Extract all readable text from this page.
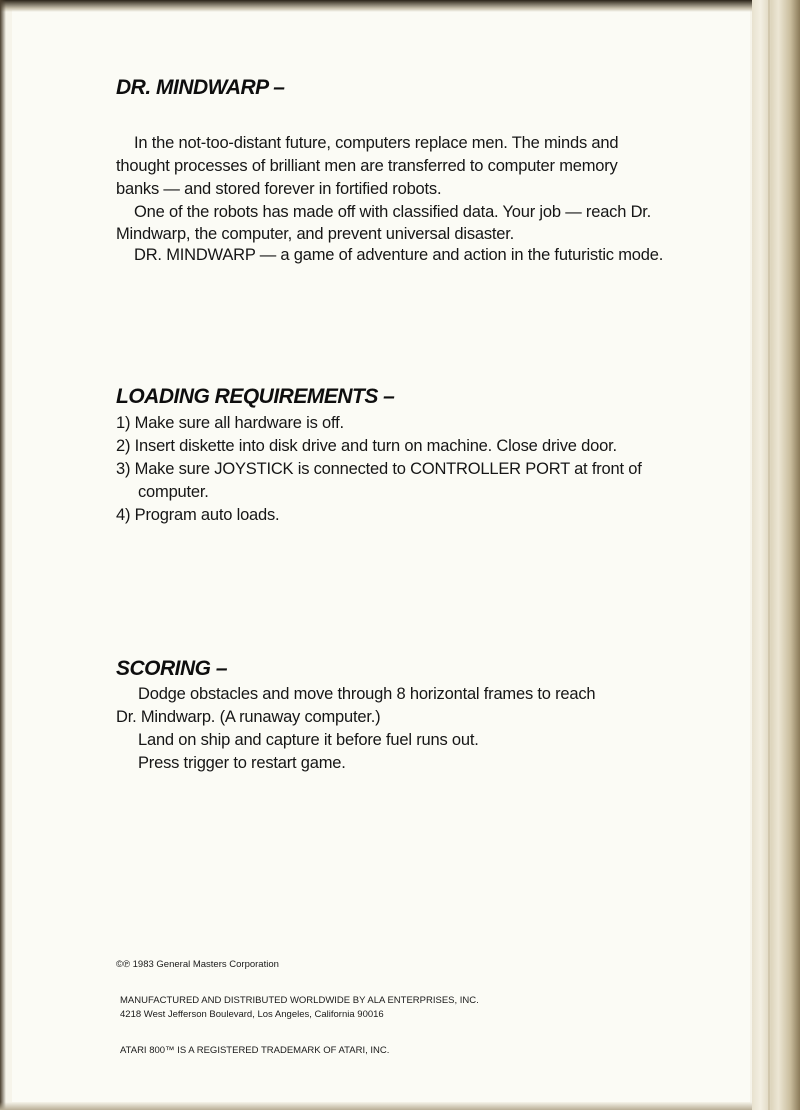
DR. MINDWARP –
In the not-too-distant future, computers replace men. The minds and
thought processes of brilliant men are transferred to computer memory
banks — and stored forever in fortified robots.
One of the robots has made off with classified data. Your job — reach Dr.
Mindwarp, the computer, and prevent universal disaster.
DR. MINDWARP — a game of adventure and action in the futuristic mode.
LOADING REQUIREMENTS –
1) Make sure all hardware is off.
2) Insert diskette into disk drive and turn on machine. Close drive door.
3) Make sure JOYSTICK is connected to CONTROLLER PORT at front of
computer.
4) Program auto loads.
SCORING –
Dodge obstacles and move through 8 horizontal frames to reach
Dr. Mindwarp. (A runaway computer.)
Land on ship and capture it before fuel runs out.
Press trigger to restart game.
©℗ 1983 General Masters Corporation
MANUFACTURED AND DISTRIBUTED WORLDWIDE BY ALA ENTERPRISES, INC.
4218 West Jefferson Boulevard, Los Angeles, California 90016
ATARI 800™ IS A REGISTERED TRADEMARK OF ATARI, INC.
